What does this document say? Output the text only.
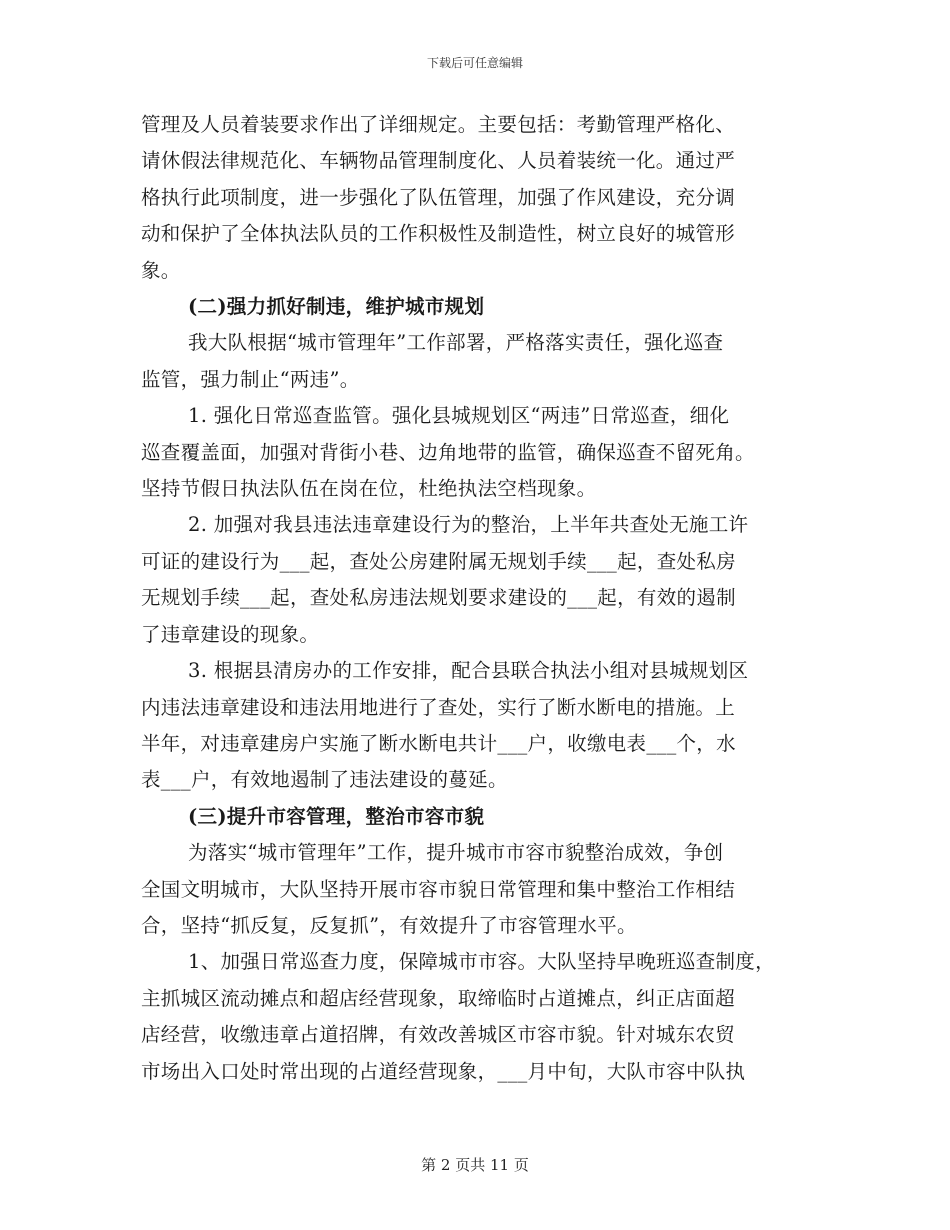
下载后可任意编辑

管理及人员着装要求作出了详细规定。主要包括：考勤管理严格化、
请休假法律规范化、车辆物品管理制度化、人员着装统一化。通过严
格执行此项制度，进一步强化了队伍管理，加强了作风建设，充分调
动和保护了全体执法队员的工作积极性及制造性，树立良好的城管形
象。

(二)强力抓好制违，维护城市规划

我大队根据“城市管理年”工作部署，严格落实责任，强化巡查
监管，强力制止“两违”。

1. 强化日常巡查监管。强化县城规划区“两违”日常巡查，细化
巡查覆盖面，加强对背街小巷、边角地带的监管，确保巡查不留死角。
坚持节假日执法队伍在岗在位，杜绝执法空档现象。

2. 加强对我县违法违章建设行为的整治，上半年共查处无施工许
可证的建设行为___起，查处公房建附属无规划手续___起，查处私房
无规划手续___起，查处私房违法规划要求建设的___起，有效的遏制
了违章建设的现象。

3. 根据县清房办的工作安排，配合县联合执法小组对县城规划区
内违法违章建设和违法用地进行了查处，实行了断水断电的措施。上
半年，对违章建房户实施了断水断电共计___户，收缴电表___个，水
表___户，有效地遏制了违法建设的蔓延。

(三)提升市容管理，整治市容市貌

为落实“城市管理年”工作，提升城市市容市貌整治成效，争创
全国文明城市，大队坚持开展市容市貌日常管理和集中整治工作相结
合，坚持“抓反复，反复抓”，有效提升了市容管理水平。

1、加强日常巡查力度，保障城市市容。大队坚持早晚班巡查制度，
主抓城区流动摊点和超店经营现象，取缔临时占道摊点，纠正店面超
店经营，收缴违章占道招牌，有效改善城区市容市貌。针对城东农贸
市场出入口处时常出现的占道经营现象，___月中旬，大队市容中队执

第 2 页共 11 页
